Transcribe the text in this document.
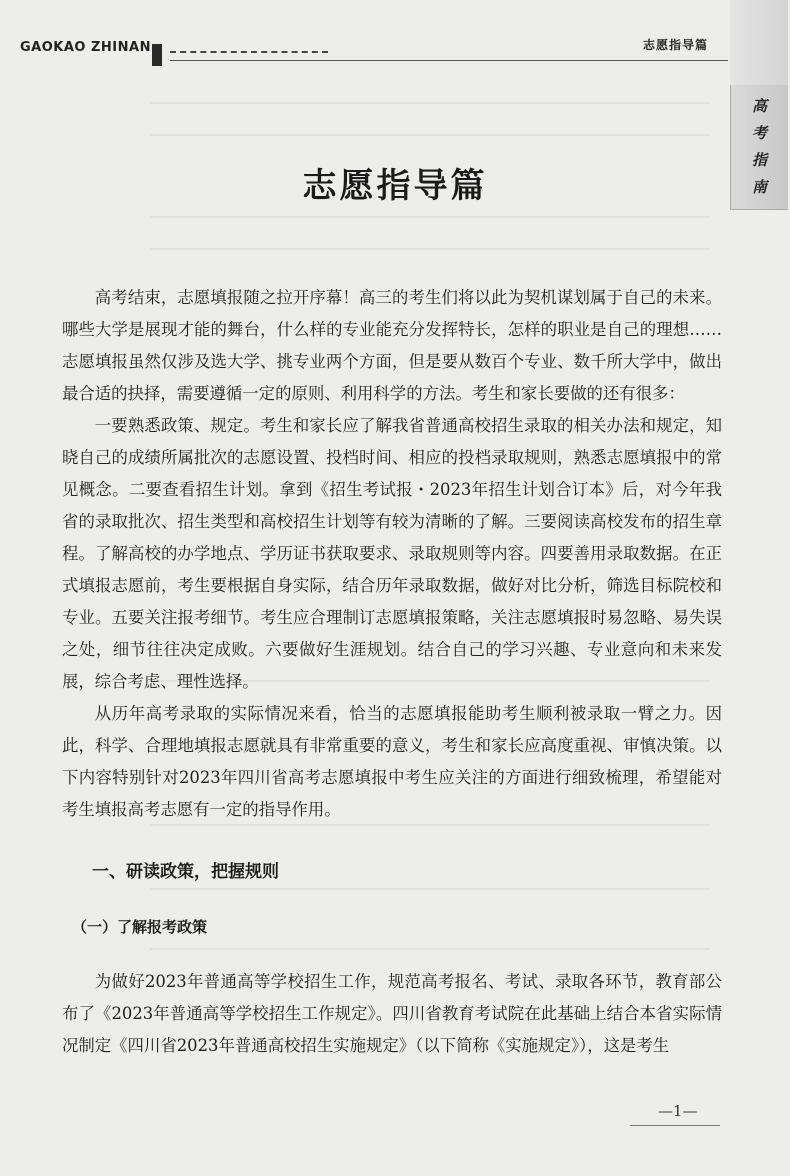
GAOKAO ZHINAN	志愿指导篇
高
考
指
南
志愿指导篇

高考结束，志愿填报随之拉开序幕！高三的考生们将以此为契机谋划属于自己的未来。哪些大学是展现才能的舞台，什么样的专业能充分发挥特长，怎样的职业是自己的理想……志愿填报虽然仅涉及选大学、挑专业两个方面，但是要从数百个专业、数千所大学中，做出最合适的抉择，需要遵循一定的原则、利用科学的方法。考生和家长要做的还有很多：

一要熟悉政策、规定。考生和家长应了解我省普通高校招生录取的相关办法和规定，知晓自己的成绩所属批次的志愿设置、投档时间、相应的投档录取规则，熟悉志愿填报中的常见概念。二要查看招生计划。拿到《招生考试报・2023年招生计划合订本》后，对今年我省的录取批次、招生类型和高校招生计划等有较为清晰的了解。三要阅读高校发布的招生章程。了解高校的办学地点、学历证书获取要求、录取规则等内容。四要善用录取数据。在正式填报志愿前，考生要根据自身实际，结合历年录取数据，做好对比分析，筛选目标院校和专业。五要关注报考细节。考生应合理制订志愿填报策略，关注志愿填报时易忽略、易失误之处，细节往往决定成败。六要做好生涯规划。结合自己的学习兴趣、专业意向和未来发展，综合考虑、理性选择。

从历年高考录取的实际情况来看，恰当的志愿填报能助考生顺利被录取一臂之力。因此，科学、合理地填报志愿就具有非常重要的意义，考生和家长应高度重视、审慎决策。以下内容特别针对2023年四川省高考志愿填报中考生应关注的方面进行细致梳理，希望能对考生填报高考志愿有一定的指导作用。

一、研读政策，把握规则
（一）了解报考政策

为做好2023年普通高等学校招生工作，规范高考报名、考试、录取各环节，教育部公布了《2023年普通高等学校招生工作规定》。四川省教育考试院在此基础上结合本省实际情况制定《四川省2023年普通高校招生实施规定》（以下简称《实施规定》），这是考生

—1—
